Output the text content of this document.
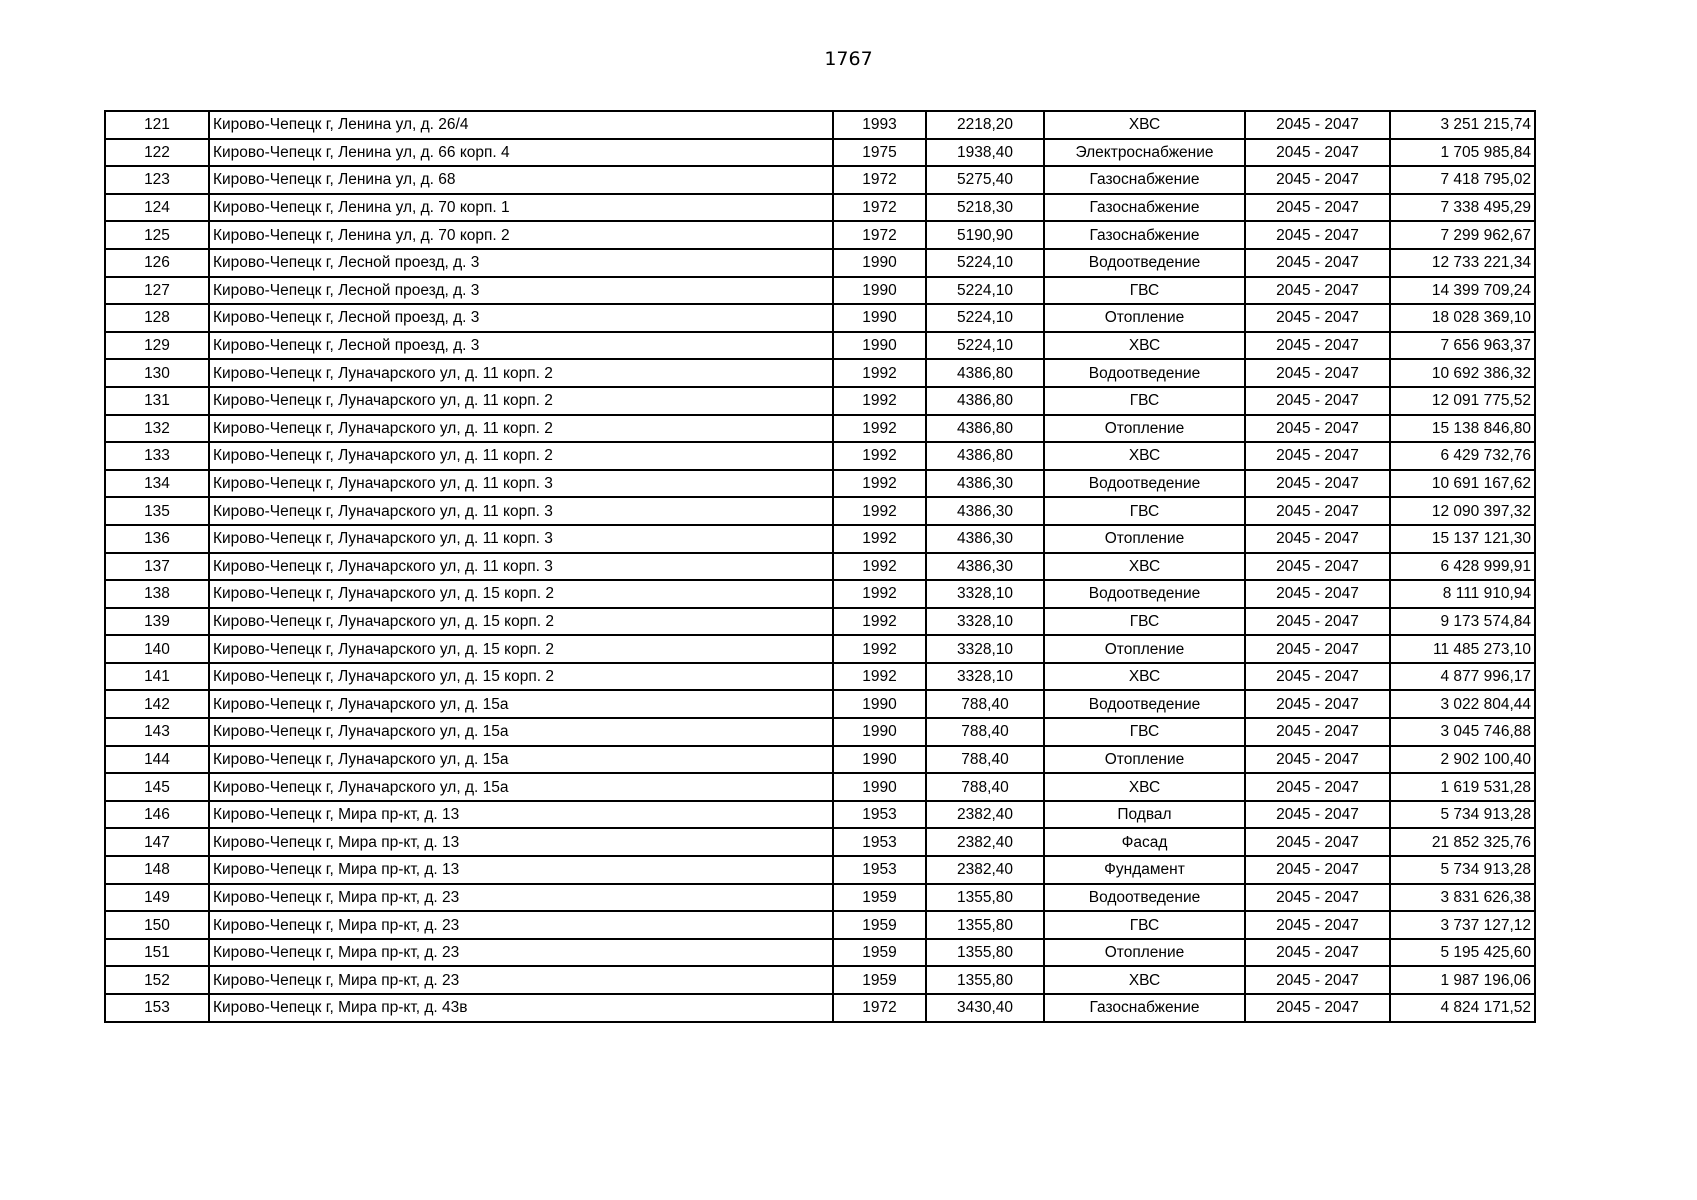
1767
121	Кирово-Чепецк г, Ленина ул, д. 26/4	1993	2218,20	ХВС	2045 - 2047	3 251 215,74
122	Кирово-Чепецк г, Ленина ул, д. 66 корп. 4	1975	1938,40	Электроснабжение	2045 - 2047	1 705 985,84
123	Кирово-Чепецк г, Ленина ул, д. 68	1972	5275,40	Газоснабжение	2045 - 2047	7 418 795,02
124	Кирово-Чепецк г, Ленина ул, д. 70 корп. 1	1972	5218,30	Газоснабжение	2045 - 2047	7 338 495,29
125	Кирово-Чепецк г, Ленина ул, д. 70 корп. 2	1972	5190,90	Газоснабжение	2045 - 2047	7 299 962,67
126	Кирово-Чепецк г, Лесной проезд, д. 3	1990	5224,10	Водоотведение	2045 - 2047	12 733 221,34
127	Кирово-Чепецк г, Лесной проезд, д. 3	1990	5224,10	ГВС	2045 - 2047	14 399 709,24
128	Кирово-Чепецк г, Лесной проезд, д. 3	1990	5224,10	Отопление	2045 - 2047	18 028 369,10
129	Кирово-Чепецк г, Лесной проезд, д. 3	1990	5224,10	ХВС	2045 - 2047	7 656 963,37
130	Кирово-Чепецк г, Луначарского ул, д. 11 корп. 2	1992	4386,80	Водоотведение	2045 - 2047	10 692 386,32
131	Кирово-Чепецк г, Луначарского ул, д. 11 корп. 2	1992	4386,80	ГВС	2045 - 2047	12 091 775,52
132	Кирово-Чепецк г, Луначарского ул, д. 11 корп. 2	1992	4386,80	Отопление	2045 - 2047	15 138 846,80
133	Кирово-Чепецк г, Луначарского ул, д. 11 корп. 2	1992	4386,80	ХВС	2045 - 2047	6 429 732,76
134	Кирово-Чепецк г, Луначарского ул, д. 11 корп. 3	1992	4386,30	Водоотведение	2045 - 2047	10 691 167,62
135	Кирово-Чепецк г, Луначарского ул, д. 11 корп. 3	1992	4386,30	ГВС	2045 - 2047	12 090 397,32
136	Кирово-Чепецк г, Луначарского ул, д. 11 корп. 3	1992	4386,30	Отопление	2045 - 2047	15 137 121,30
137	Кирово-Чепецк г, Луначарского ул, д. 11 корп. 3	1992	4386,30	ХВС	2045 - 2047	6 428 999,91
138	Кирово-Чепецк г, Луначарского ул, д. 15 корп. 2	1992	3328,10	Водоотведение	2045 - 2047	8 111 910,94
139	Кирово-Чепецк г, Луначарского ул, д. 15 корп. 2	1992	3328,10	ГВС	2045 - 2047	9 173 574,84
140	Кирово-Чепецк г, Луначарского ул, д. 15 корп. 2	1992	3328,10	Отопление	2045 - 2047	11 485 273,10
141	Кирово-Чепецк г, Луначарского ул, д. 15 корп. 2	1992	3328,10	ХВС	2045 - 2047	4 877 996,17
142	Кирово-Чепецк г, Луначарского ул, д. 15а	1990	788,40	Водоотведение	2045 - 2047	3 022 804,44
143	Кирово-Чепецк г, Луначарского ул, д. 15а	1990	788,40	ГВС	2045 - 2047	3 045 746,88
144	Кирово-Чепецк г, Луначарского ул, д. 15а	1990	788,40	Отопление	2045 - 2047	2 902 100,40
145	Кирово-Чепецк г, Луначарского ул, д. 15а	1990	788,40	ХВС	2045 - 2047	1 619 531,28
146	Кирово-Чепецк г, Мира пр-кт, д. 13	1953	2382,40	Подвал	2045 - 2047	5 734 913,28
147	Кирово-Чепецк г, Мира пр-кт, д. 13	1953	2382,40	Фасад	2045 - 2047	21 852 325,76
148	Кирово-Чепецк г, Мира пр-кт, д. 13	1953	2382,40	Фундамент	2045 - 2047	5 734 913,28
149	Кирово-Чепецк г, Мира пр-кт, д. 23	1959	1355,80	Водоотведение	2045 - 2047	3 831 626,38
150	Кирово-Чепецк г, Мира пр-кт, д. 23	1959	1355,80	ГВС	2045 - 2047	3 737 127,12
151	Кирово-Чепецк г, Мира пр-кт, д. 23	1959	1355,80	Отопление	2045 - 2047	5 195 425,60
152	Кирово-Чепецк г, Мира пр-кт, д. 23	1959	1355,80	ХВС	2045 - 2047	1 987 196,06
153	Кирово-Чепецк г, Мира пр-кт, д. 43в	1972	3430,40	Газоснабжение	2045 - 2047	4 824 171,52
